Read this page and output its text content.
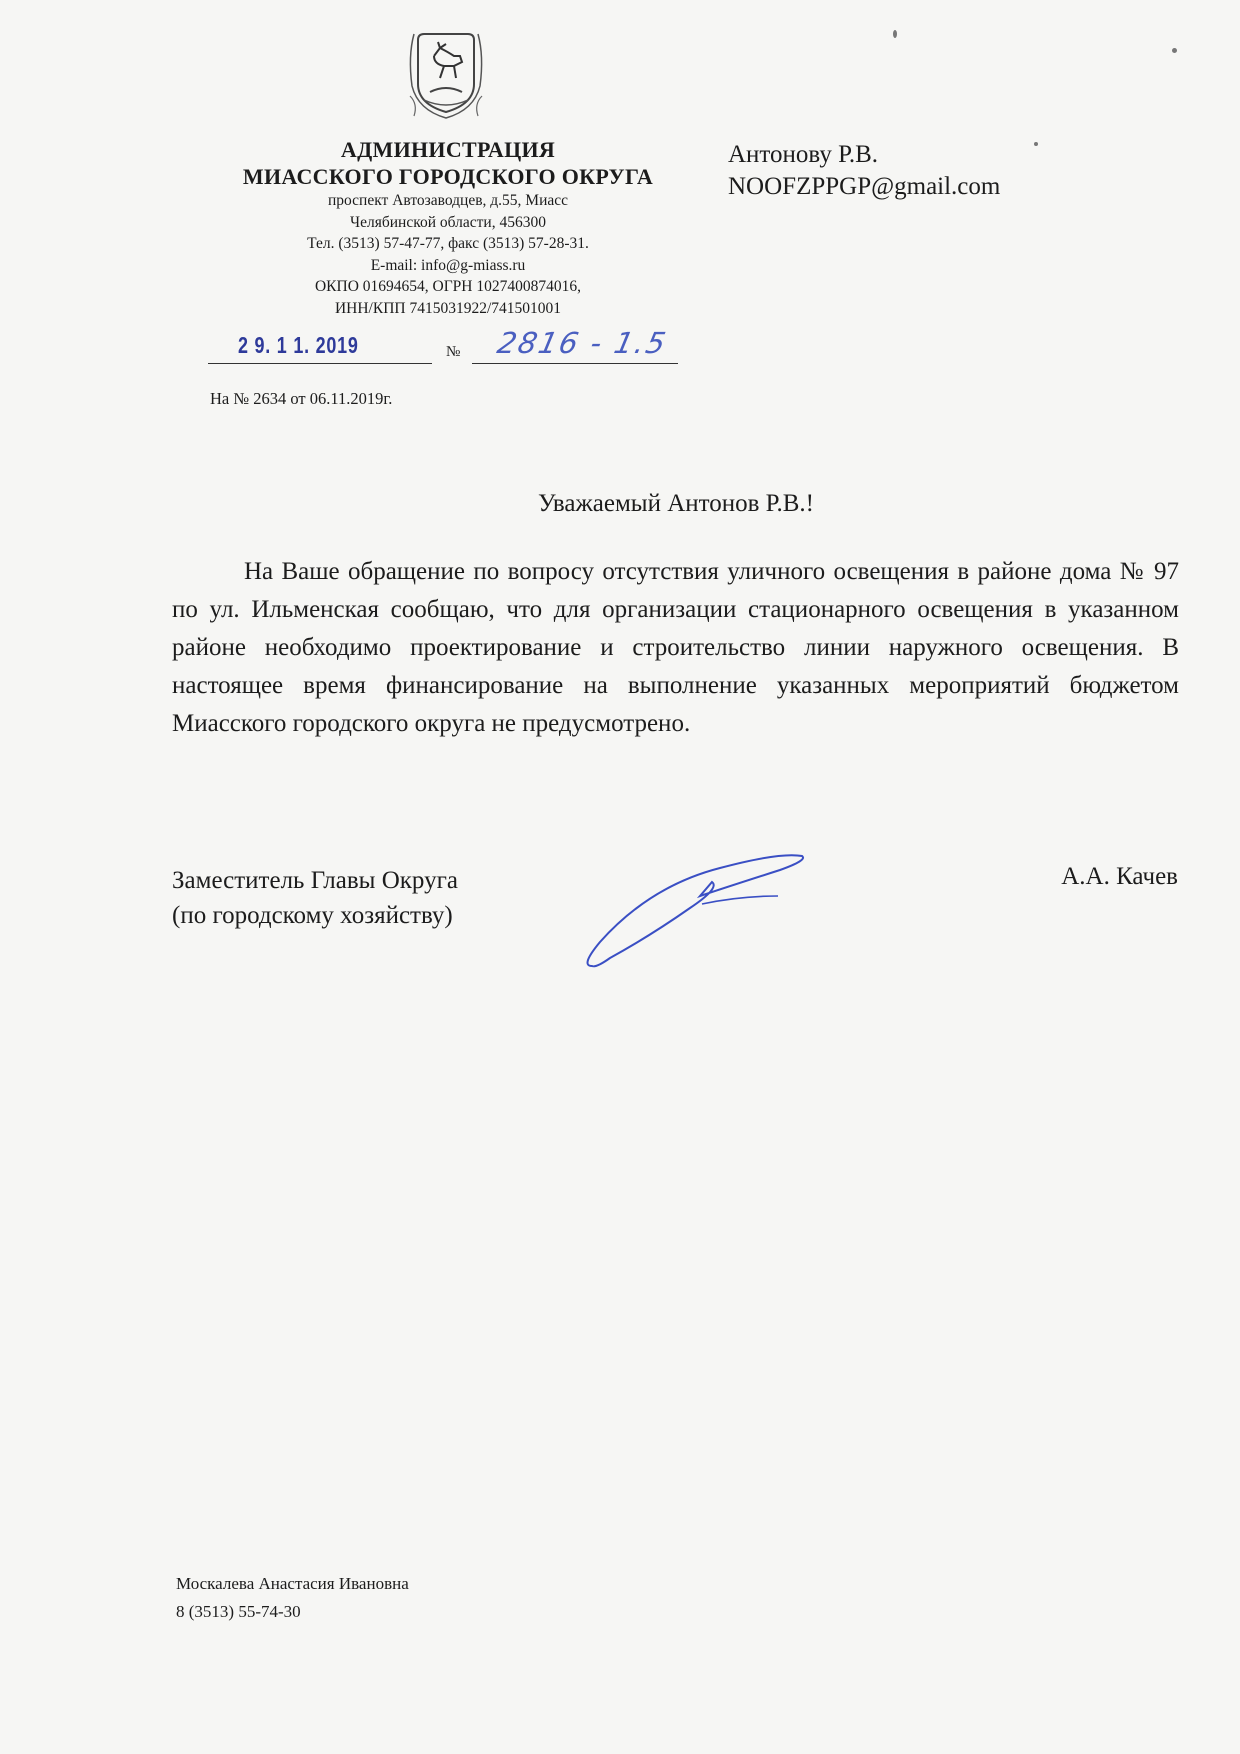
АДМИНИСТРАЦИЯ
МИАССКОГО ГОРОДСКОГО ОКРУГА
проспект Автозаводцев, д.55, Миасс
Челябинской области, 456300
Тел. (3513) 57-47-77, факс (3513) 57-28-31.
E-mail: info@g-miass.ru
ОКПО 01694654, ОГРН 1027400874016,
ИНН/КПП 7415031922/741501001
Антонову Р.В.
NOOFZPPGP@gmail.com
2 9. 1 1. 2019	№ 2816 - 1.5
На № 2634 от 06.11.2019г.
Уважаемый Антонов Р.В.!

На Ваше обращение по вопросу отсутствия уличного освещения в районе дома № 97 по ул. Ильменская сообщаю, что для организации стационарного освещения в указанном районе необходимо проектирование и строительство линии наружного освещения. В настоящее время финансирование на выполнение указанных мероприятий бюджетом Миасского городского округа не предусмотрено.

Заместитель Главы Округа
(по городскому хозяйству)
А.А. Качев
Москалева Анастасия Ивановна
8 (3513) 55-74-30
